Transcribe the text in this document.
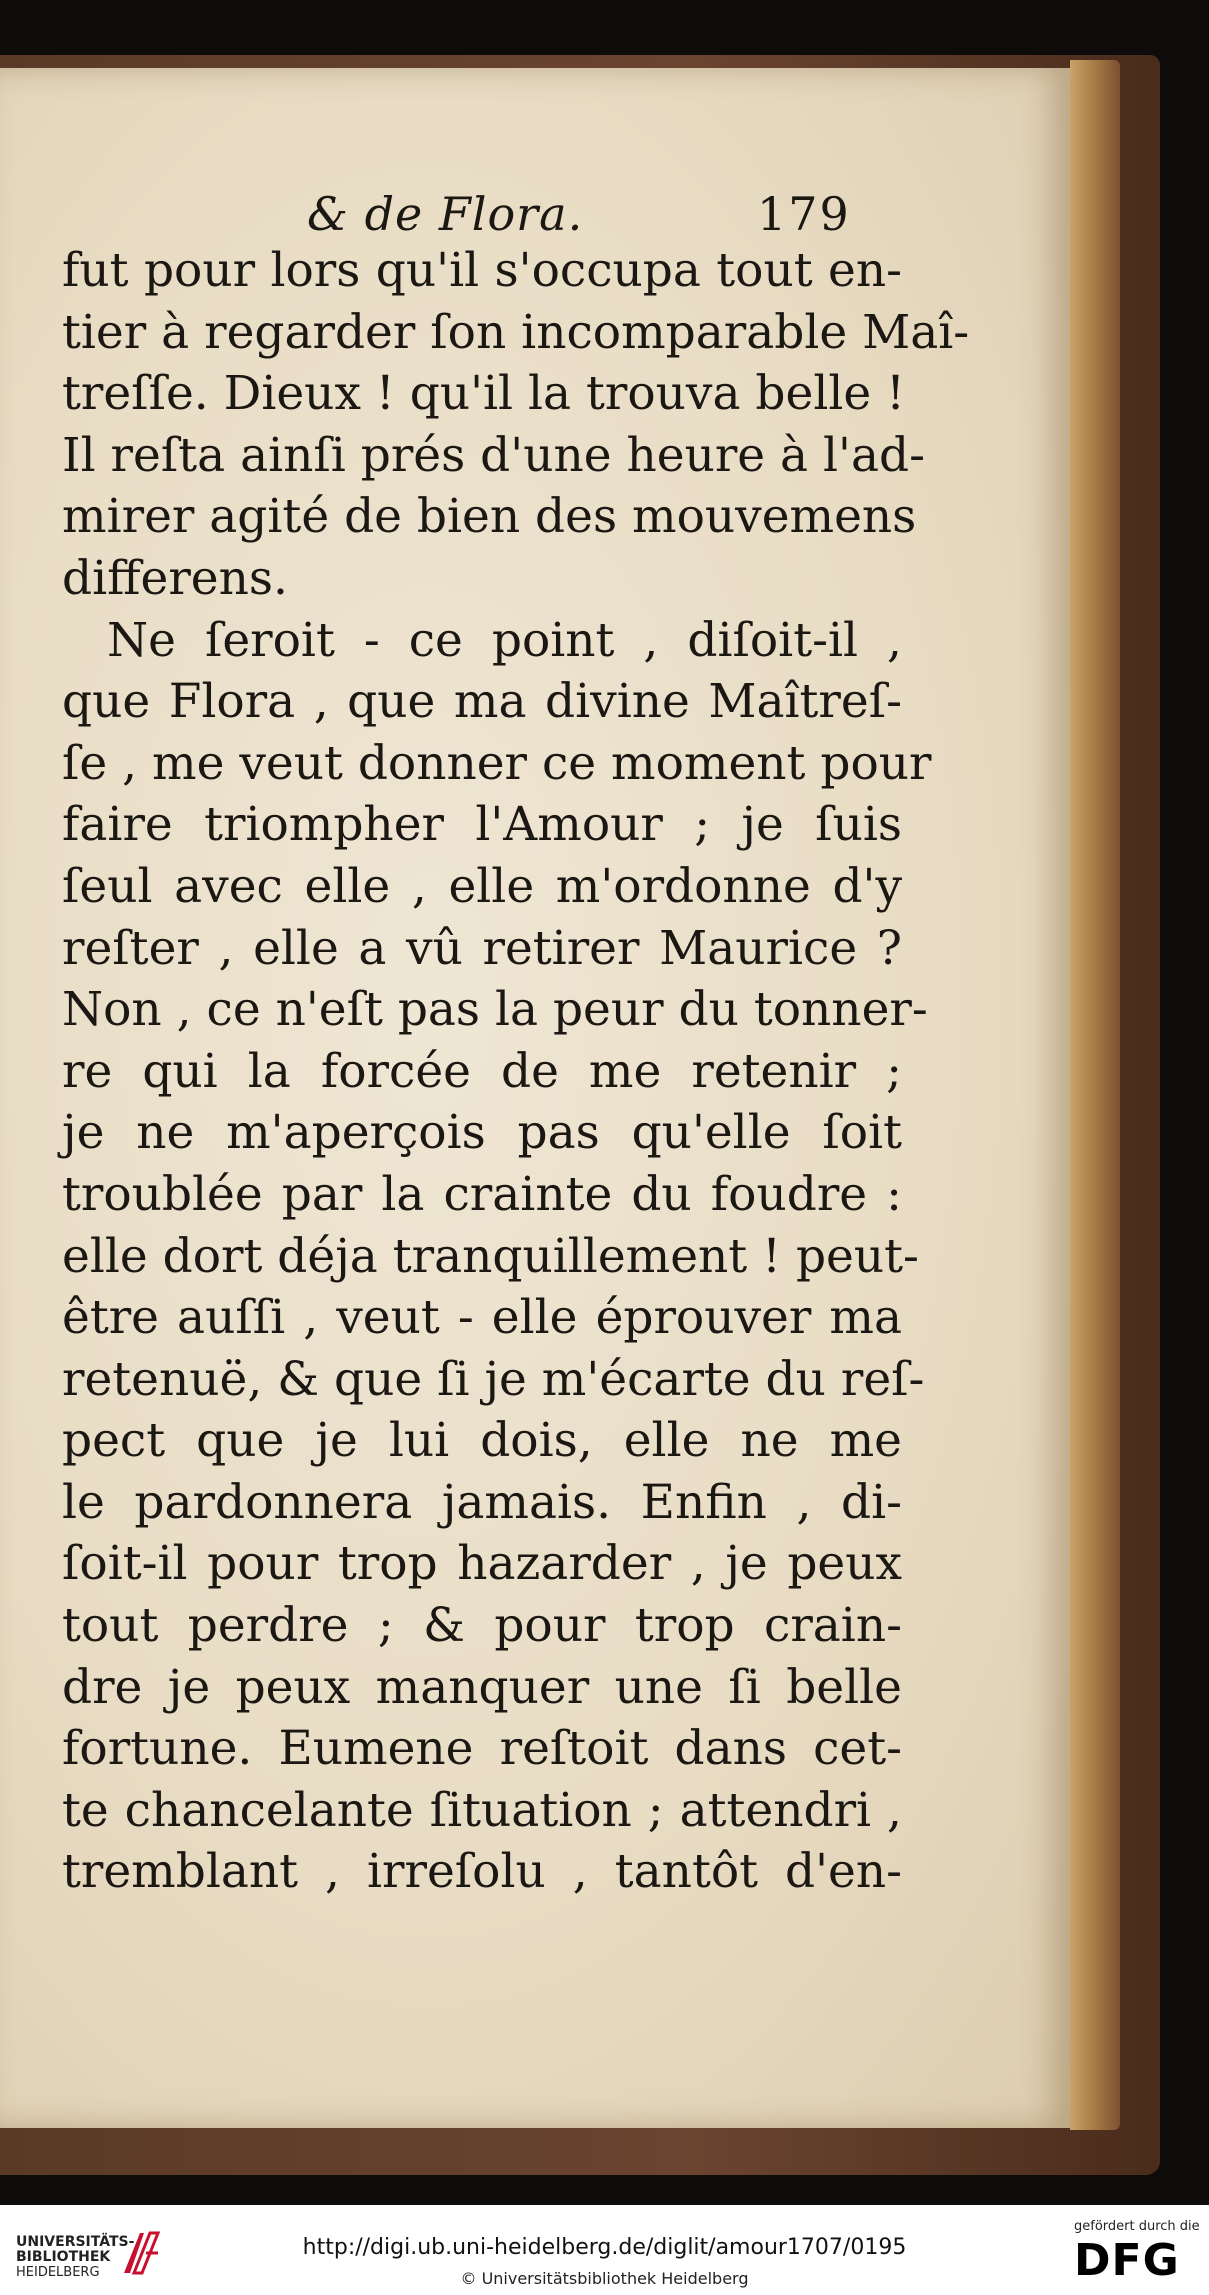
& de Flora.	179
fut pour lors qu'il s'occupa tout en-
tier à regarder ſon incomparable Maî-
treſſe. Dieux ! qu'il la trouva belle !
Il reſta ainſi prés d'une heure à l'ad-
mirer agité de bien des mouvemens
differens.
Ne ſeroit - ce point , diſoit-il ,
que Flora , que ma divine Maîtreſ-
ſe , me veut donner ce moment pour
faire triompher l'Amour ; je ſuis
ſeul avec elle , elle m'ordonne d'y
reſter , elle a vû retirer Maurice ?
Non , ce n'eſt pas la peur du tonner-
re qui la forcée de me retenir ;
je ne m'aperçois pas qu'elle ſoit
troublée par la crainte du foudre :
elle dort déja tranquillement ! peut-
être auſſi , veut - elle éprouver ma
retenuë, & que ſi je m'écarte du reſ-
pect que je lui dois, elle ne me
le pardonnera jamais. Enfin , di-
ſoit-il pour trop hazarder , je peux
tout perdre ; & pour trop crain-
dre je peux manquer une ſi belle
fortune. Eumene reſtoit dans cet-
te chancelante ſituation ; attendri ,
tremblant , irreſolu , tantôt d'en-
UNIVERSITÄTS-
BIBLIOTHEK
HEIDELBERG
http://digi.ub.uni-heidelberg.de/diglit/amour1707/0195
© Universitätsbibliothek Heidelberg
gefördert durch die
DFG
